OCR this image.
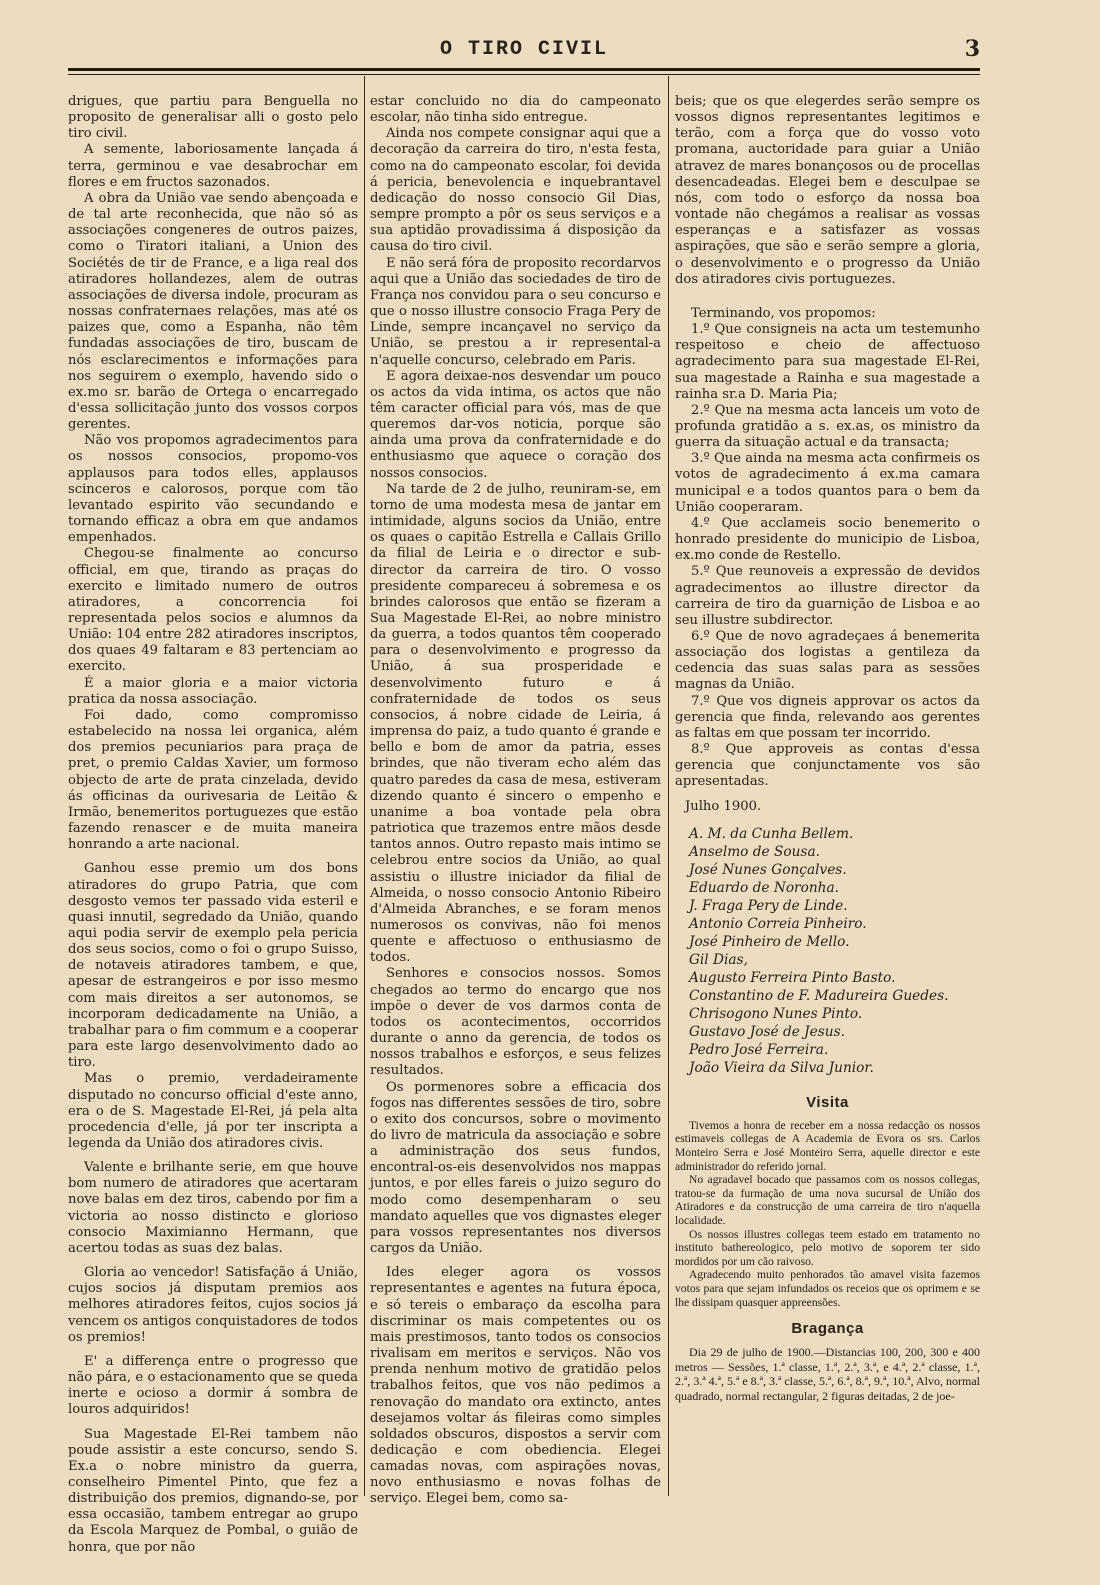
O TIRO CIVIL	3

drigues, que partiu para Benguella no proposito de generalisar alli o gosto pelo tiro civil.

A semente, laboriosamente lançada á terra, germinou e vae desabrochar em flores e em fructos sazonados.

A obra da União vae sendo abençoada e de tal arte reconhecida, que não só as associações congeneres de outros paizes, como o Tiratori italiani, a Union des Sociétés de tir de France, e a liga real dos atiradores hollandezes, alem de outras associações de diversa indole, procuram as nossas confraternaes relações, mas até os paizes que, como a Espanha, não têm fundadas associações de tiro, buscam de nós esclarecimentos e informações para nos seguirem o exemplo, havendo sido o ex.mo sr. barão de Ortega o encarregado d'essa sollicitação junto dos vossos corpos gerentes.

Não vos propomos agradecimentos para os nossos consocios, propomo-vos applausos para todos elles, applausos scinceros e calorosos, porque com tão levantado espirito vão secundando e tornando efficaz a obra em que andamos empenhados.

Chegou-se finalmente ao concurso official, em que, tirando as praças do exercito e limitado numero de outros atiradores, a concorrencia foi representada pelos socios e alumnos da União: 104 entre 282 atiradores inscriptos, dos quaes 49 faltaram e 83 pertenciam ao exercito.

É a maior gloria e a maior victoria pratica da nossa associação.

Foi dado, como compromisso estabelecido na nossa lei organica, além dos premios pecuniarios para praça de pret, o premio Caldas Xavier, um formoso objecto de arte de prata cinzelada, devido ás officinas da ourivesaria de Leitão & Irmão, benemeritos portuguezes que estão fazendo renascer e de muita maneira honrando a arte nacional.

Ganhou esse premio um dos bons atiradores do grupo Patria, que com desgosto vemos ter passado vida esteril e quasi innutil, segredado da União, quando aqui podia servir de exemplo pela pericia dos seus socios, como o foi o grupo Suisso, de notaveis atiradores tambem, e que, apesar de estrangeiros e por isso mesmo com mais direitos a ser autonomos, se incorporam dedicadamente na União, a trabalhar para o fim commum e a cooperar para este largo desenvolvimento dado ao tiro.

Mas o premio, verdadeiramente disputado no concurso official d'este anno, era o de S. Magestade El-Rei, já pela alta procedencia d'elle, já por ter inscripta a legenda da União dos atiradores civis.

Valente e brilhante serie, em que houve bom numero de atiradores que acertaram nove balas em dez tiros, cabendo por fim a victoria ao nosso distincto e glorioso consocio Maximianno Hermann, que acertou todas as suas dez balas.

Gloria ao vencedor! Satisfação á União, cujos socios já disputam premios aos melhores atiradores feitos, cujos socios já vencem os antigos conquistadores de todos os premios!

E' a differença entre o progresso que não pára, e o estacionamento que se queda inerte e ocioso a dormir á sombra de louros adquiridos!

Sua Magestade El-Rei tambem não poude assistir a este concurso, sendo S. Ex.a o nobre ministro da guerra, conselheiro Pimentel Pinto, que fez a distribuição dos premios, dignando-se, por essa occasião, tambem entregar ao grupo da Escola Marquez de Pombal, o guião de honra, que por não

estar concluido no dia do campeonato escolar, não tinha sido entregue.

Ainda nos compete consignar aqui que a decoração da carreira do tiro, n'esta festa, como na do campeonato escolar, foi devida á pericia, benevolencia e inquebrantavel dedicação do nosso consocio Gil Dias, sempre prompto a pôr os seus serviços e a sua aptidão provadissima á disposição da causa do tiro civil.

E não será fóra de proposito recordarvos aqui que a União das sociedades de tiro de França nos convidou para o seu concurso e que o nosso illustre consocio Fraga Pery de Linde, sempre incançavel no serviço da União, se prestou a ir represental-a n'aquelle concurso, celebrado em Paris.

E agora deixae-nos desvendar um pouco os actos da vida intima, os actos que não têm caracter official para vós, mas de que queremos dar-vos noticia, porque são ainda uma prova da confraternidade e do enthusiasmo que aquece o coração dos nossos consocios.

Na tarde de 2 de julho, reuniram-se, em torno de uma modesta mesa de jantar em intimidade, alguns socios da União, entre os quaes o capitão Estrella e Callais Grillo da filial de Leiria e o director e sub-director da carreira de tiro. O vosso presidente compareceu á sobremesa e os brindes calorosos que então se fizeram a Sua Magestade El-Rei, ao nobre ministro da guerra, a todos quantos têm cooperado para o desenvolvimento e progresso da União, á sua prosperidade e desenvolvimento futuro e á confraternidade de todos os seus consocios, á nobre cidade de Leiria, á imprensa do paiz, a tudo quanto é grande e bello e bom de amor da patria, esses brindes, que não tiveram echo além das quatro paredes da casa de mesa, estiveram dizendo quanto é sincero o empenho e unanime a boa vontade pela obra patriotica que trazemos entre mãos desde tantos annos. Outro repasto mais intimo se celebrou entre socios da União, ao qual assistiu o illustre iniciador da filial de Almeida, o nosso consocio Antonio Ribeiro d'Almeida Abranches, e se foram menos numerosos os convivas, não foi menos quente e affectuoso o enthusiasmo de todos.

Senhores e consocios nossos. Somos chegados ao termo do encargo que nos impõe o dever de vos darmos conta de todos os acontecimentos, occorridos durante o anno da gerencia, de todos os nossos trabalhos e esforços, e seus felizes resultados.

Os pormenores sobre a efficacia dos fogos nas differentes sessões de tiro, sobre o exito dos concursos, sobre o movimento do livro de matricula da associação e sobre a administração dos seus fundos, encontral-os-eis desenvolvidos nos mappas juntos, e por elles fareis o juizo seguro do modo como desempenharam o seu mandato aquelles que vos dignastes eleger para vossos representantes nos diversos cargos da União.

Ides eleger agora os vossos representantes e agentes na futura época, e só tereis o embaraço da escolha para discriminar os mais competentes ou os mais prestimosos, tanto todos os consocios rivalisam em meritos e serviços. Não vos prenda nenhum motivo de gratidão pelos trabalhos feitos, que vos não pedimos a renovação do mandato ora extincto, antes desejamos voltar ás fileiras como simples soldados obscuros, dispostos a servir com dedicação e com obediencia. Elegei camadas novas, com aspirações novas, novo enthusiasmo e novas folhas de serviço. Elegei bem, como sa-

beis; que os que elegerdes serão sempre os vossos dignos representantes legitimos e terão, com a força que do vosso voto promana, auctoridade para guiar a União atravez de mares bonançosos ou de procellas desencadeadas. Elegei bem e desculpae se nós, com todo o esforço da nossa boa vontade não chegámos a realisar as vossas esperanças e a satisfazer as vossas aspirações, que são e serão sempre a gloria, o desenvolvimento e o progresso da União dos atiradores civis portuguezes.

Terminando, vos propomos:

1.º Que consigneis na acta um testemunho respeitoso e cheio de affectuoso agradecimento para sua magestade El-Rei, sua magestade a Rainha e sua magestade a rainha sr.a D. Maria Pia;

2.º Que na mesma acta lanceis um voto de profunda gratidão a s. ex.as, os ministro da guerra da situação actual e da transacta;

3.º Que ainda na mesma acta confirmeis os votos de agradecimento á ex.ma camara municipal e a todos quantos para o bem da União cooperaram.

4.º Que acclameis socio benemerito o honrado presidente do municipio de Lisboa, ex.mo conde de Restello.

5.º Que reunoveis a expressão de devidos agradecimentos ao illustre director da carreira de tiro da guarnição de Lisboa e ao seu illustre subdirector.

6.º Que de novo agradeçaes á benemerita associação dos logistas a gentileza da cedencia das suas salas para as sessões magnas da União.

7.º Que vos digneis approvar os actos da gerencia que finda, relevando aos gerentes as faltas em que possam ter incorrido.

8.º Que approveis as contas d'essa gerencia que conjunctamente vos são apresentadas.

Julho 1900.
A. M. da Cunha Bellem.
Anselmo de Sousa.
José Nunes Gonçalves.
Eduardo de Noronha.
J. Fraga Pery de Linde.
Antonio Correia Pinheiro.
José Pinheiro de Mello.
Gil Dias,
Augusto Ferreira Pinto Basto.
Constantino de F. Madureira Guedes.
Chrisogono Nunes Pinto.
Gustavo José de Jesus.
Pedro José Ferreira.
João Vieira da Silva Junior.
Visita

Tivemos a honra de receber em a nossa redacção os nossos estimaveis collegas de A Academia de Evora os srs. Carlos Monteiro Serra e José Monteiro Serra, aquelle director e este administrador do referido jornal.

No agradavel bocado que passamos com os nossos collegas, tratou-se da furmação de uma nova sucursal de União dos Atiradores e da construcção de uma carreira de tiro n'aquella localidade.

Os nossos illustres collegas teem estado em tratamento no instituto bathereologico, pelo motivo de soporem ter sido mordidos por um cão raivoso.

Agradecendo muito penhorados tão amavel visita fazemos votos para que sejam infundados os receios que os oprimem e se lhe dissipam quasquer appreensões.

Bragança

Dia 29 de julho de 1900.—Distancias 100, 200, 300 e 400 metros — Sessões, 1.ª classe, 1.ª, 2.ª, 3.ª, e 4.ª, 2.ª classe, 1.ª, 2.ª, 3.ª 4.ª, 5.ª e 8.ª, 3.ª classe, 5.ª, 6.ª, 8.ª, 9.ª, 10.ª, Alvo, normal quadrado, normal rectangular, 2 figuras deitadas, 2 de joe-
